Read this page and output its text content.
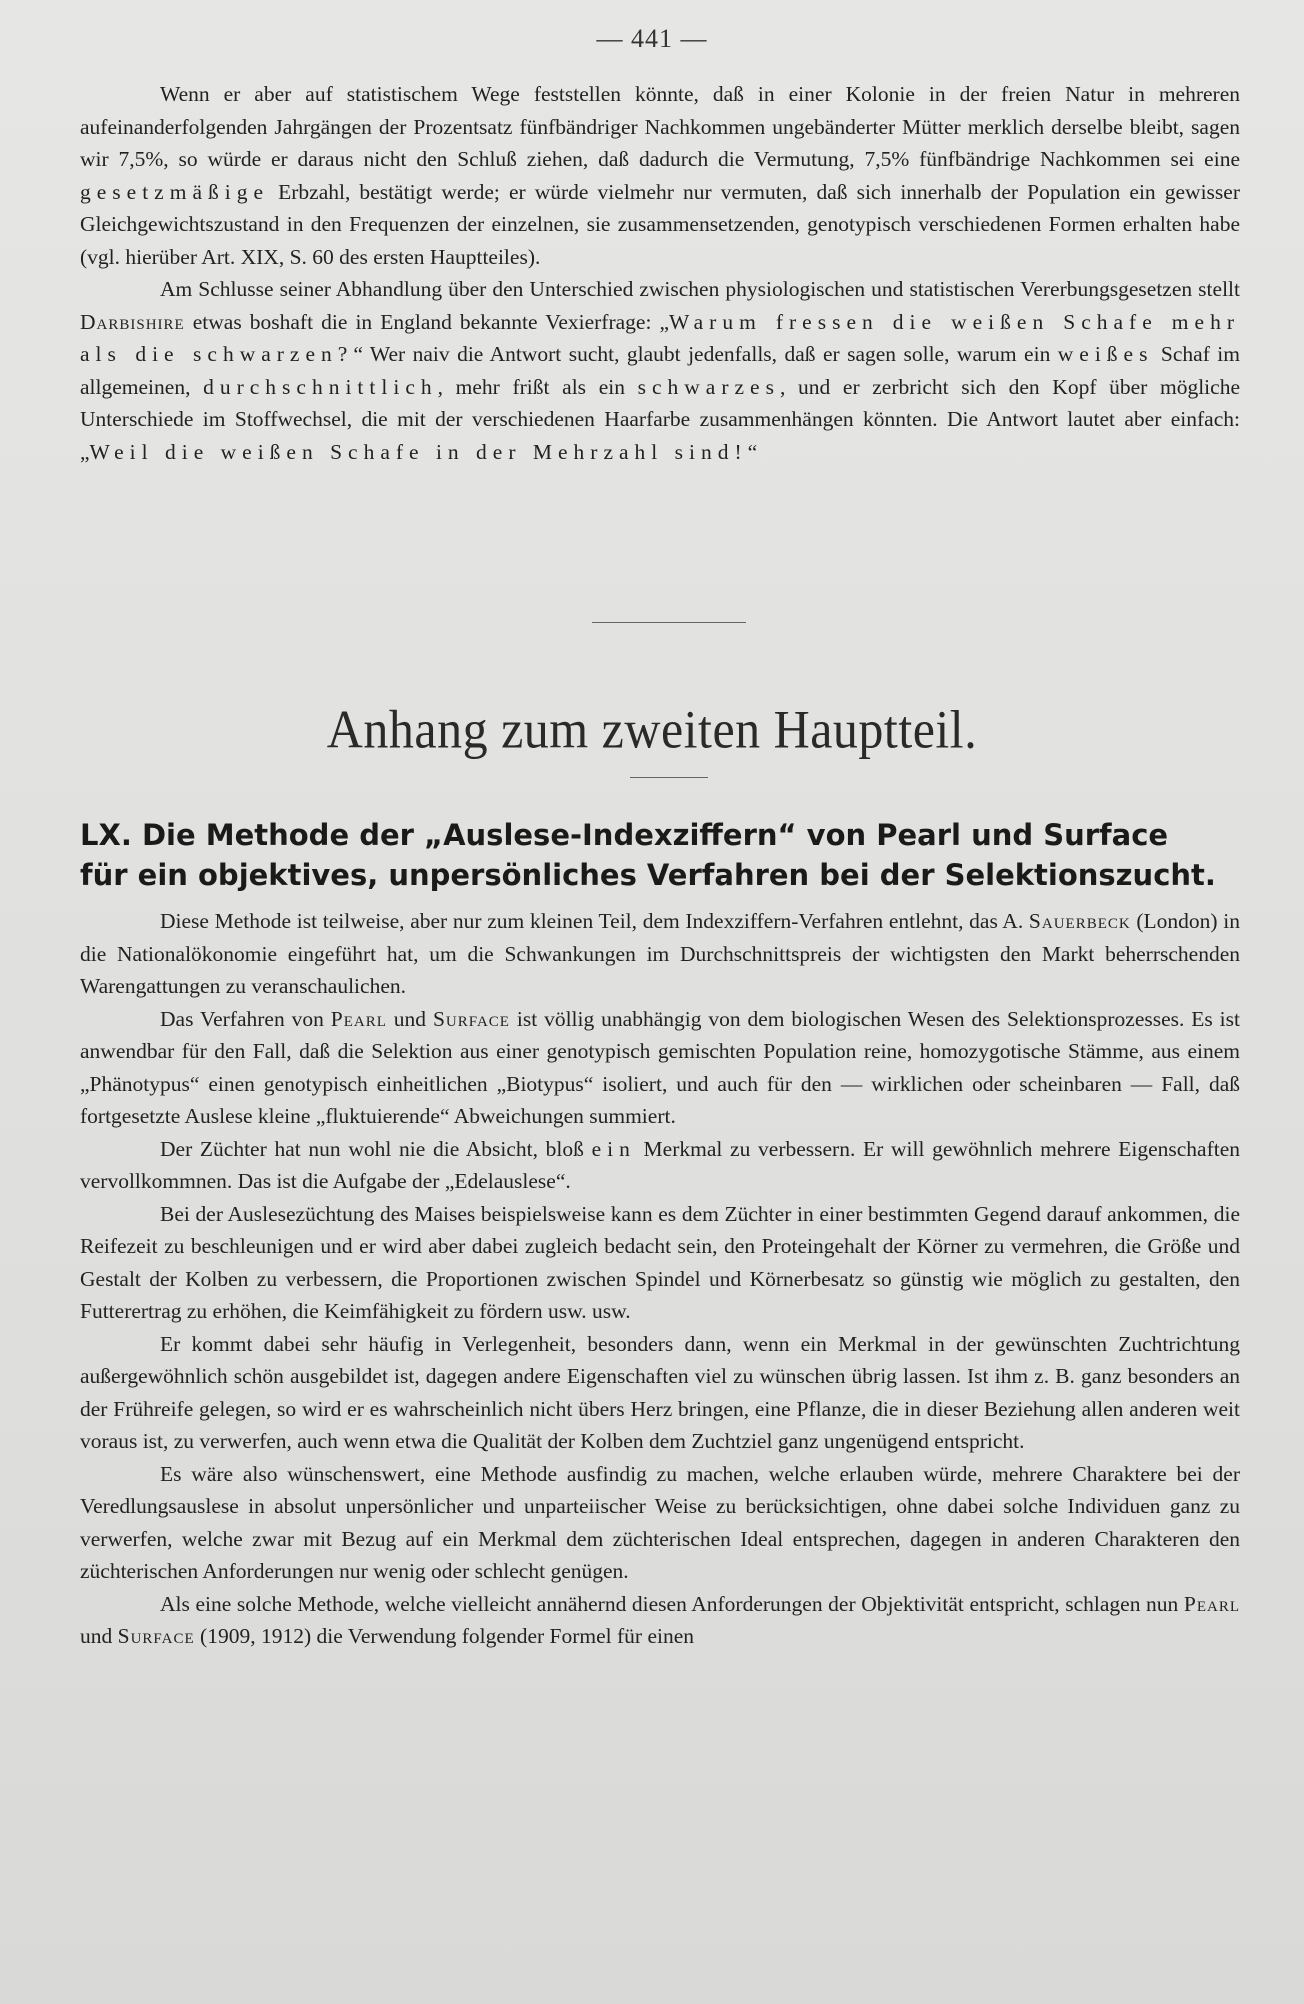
— 441 —

Wenn er aber auf statistischem Wege feststellen könnte, daß in einer Kolonie in der freien Natur in mehreren aufeinanderfolgenden Jahrgängen der Prozentsatz fünfbändriger Nachkommen ungebänderter Mütter merklich derselbe bleibt, sagen wir 7,5%, so würde er daraus nicht den Schluß ziehen, daß dadurch die Vermutung, 7,5% fünfbändrige Nachkommen sei eine gesetzmäßige Erbzahl, bestätigt werde; er würde vielmehr nur vermuten, daß sich innerhalb der Population ein gewisser Gleichgewichtszustand in den Frequenzen der einzelnen, sie zusammensetzenden, genotypisch verschiedenen Formen erhalten habe (vgl. hierüber Art. XIX, S. 60 des ersten Hauptteiles).

Am Schlusse seiner Abhandlung über den Unterschied zwischen physiologischen und statistischen Vererbungsgesetzen stellt Darbishire etwas boshaft die in England bekannte Vexierfrage: „Warum fressen die weißen Schafe mehr als die schwarzen?“ Wer naiv die Antwort sucht, glaubt jedenfalls, daß er sagen solle, warum ein weißes Schaf im allgemeinen, durchschnittlich, mehr frißt als ein schwarzes, und er zerbricht sich den Kopf über mögliche Unterschiede im Stoffwechsel, die mit der verschiedenen Haarfarbe zusammenhängen könnten. Die Antwort lautet aber einfach: „Weil die weißen Schafe in der Mehrzahl sind!“

Anhang zum zweiten Hauptteil.
LX. Die Methode der „Auslese-Indexziffern“ von Pearl und Surface
für ein objektives, unpersönliches Verfahren bei der Selektionszucht.

Diese Methode ist teilweise, aber nur zum kleinen Teil, dem Indexziffern-Verfahren entlehnt, das A. Sauerbeck (London) in die Nationalökonomie eingeführt hat, um die Schwankungen im Durchschnittspreis der wichtigsten den Markt beherrschenden Warengattungen zu veranschaulichen.

Das Verfahren von Pearl und Surface ist völlig unabhängig von dem biologischen Wesen des Selektionsprozesses. Es ist anwendbar für den Fall, daß die Selektion aus einer genotypisch gemischten Population reine, homozygotische Stämme, aus einem „Phänotypus“ einen genotypisch einheitlichen „Biotypus“ isoliert, und auch für den — wirklichen oder scheinbaren — Fall, daß fortgesetzte Auslese kleine „fluktuierende“ Abweichungen summiert.

Der Züchter hat nun wohl nie die Absicht, bloß ein Merkmal zu verbessern. Er will gewöhnlich mehrere Eigenschaften vervollkommnen. Das ist die Aufgabe der „Edelauslese“.

Bei der Auslesezüchtung des Maises beispielsweise kann es dem Züchter in einer bestimmten Gegend darauf ankommen, die Reifezeit zu beschleunigen und er wird aber dabei zugleich bedacht sein, den Proteingehalt der Körner zu vermehren, die Größe und Gestalt der Kolben zu verbessern, die Proportionen zwischen Spindel und Körnerbesatz so günstig wie möglich zu gestalten, den Futterertrag zu erhöhen, die Keimfähigkeit zu fördern usw. usw.

Er kommt dabei sehr häufig in Verlegenheit, besonders dann, wenn ein Merkmal in der gewünschten Zuchtrichtung außergewöhnlich schön ausgebildet ist, dagegen andere Eigenschaften viel zu wünschen übrig lassen. Ist ihm z. B. ganz besonders an der Frühreife gelegen, so wird er es wahrscheinlich nicht übers Herz bringen, eine Pflanze, die in dieser Beziehung allen anderen weit voraus ist, zu verwerfen, auch wenn etwa die Qualität der Kolben dem Zuchtziel ganz ungenügend entspricht.

Es wäre also wünschenswert, eine Methode ausfindig zu machen, welche erlauben würde, mehrere Charaktere bei der Veredlungsauslese in absolut unpersönlicher und unparteiischer Weise zu berücksichtigen, ohne dabei solche Individuen ganz zu verwerfen, welche zwar mit Bezug auf ein Merkmal dem züchterischen Ideal entsprechen, dagegen in anderen Charakteren den züchterischen Anforderungen nur wenig oder schlecht genügen.

Als eine solche Methode, welche vielleicht annähernd diesen Anforderungen der Objektivität entspricht, schlagen nun Pearl und Surface (1909, 1912) die Verwendung folgender Formel für einen
